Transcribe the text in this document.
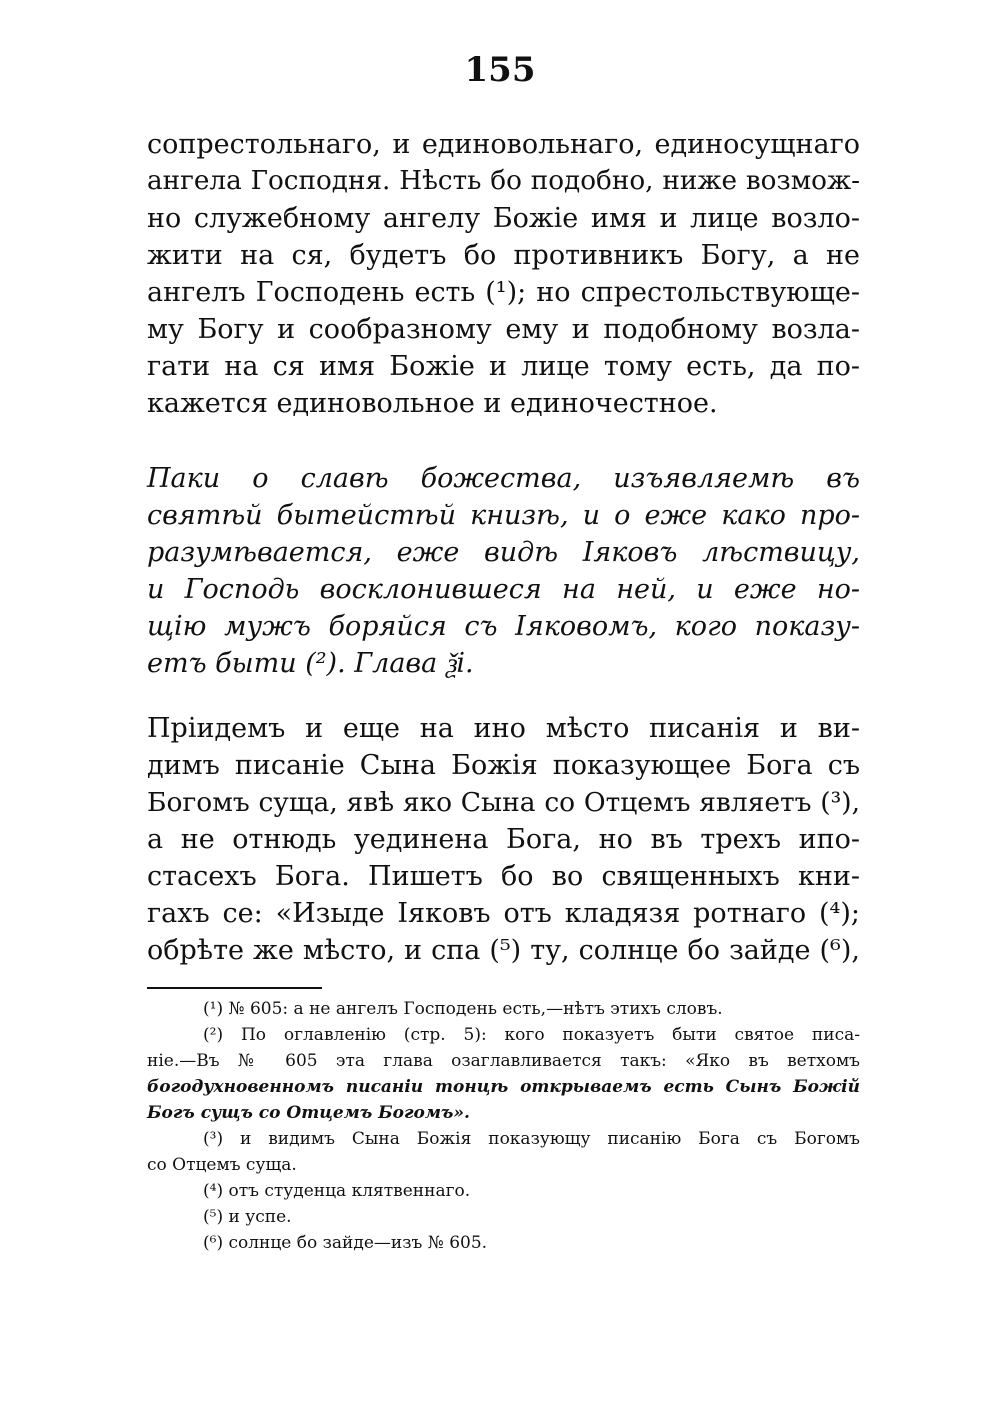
155
сопрестольнаго, и единовольнаго, единосущнаго
ангела Господня. Нѣсть бо подобно, ниже возмож-
но служебному ангелу Божіе имя и лице возло-
жити на ся, будетъ бо противникъ Богу, а не
ангелъ Господень есть (¹); но спрестольствующе-
му Богу и сообразному ему и подобному возла-
гати на ся имя Божіе и лице тому есть, да по-
кажется единовольное и единочестное.
Паки о славѣ божества, изъявляемѣ въ
святѣй бытейстѣй книзѣ, и о еже како про-
разумѣвается, еже видѣ Іяковъ лѣствицу,
и Господь восклонившеся на ней, и еже но-
щію мужъ боряйся съ Іяковомъ, кого показу-
етъ быти (²). Глава ѯі.
Пріидемъ и еще на ино мѣсто писанія и ви-
димъ писаніе Сына Божія показующее Бога съ
Богомъ суща, явѣ яко Сына со Отцемъ являетъ (³),
а не отнюдь уединена Бога, но въ трехъ ипо-
стасехъ Бога. Пишетъ бо во священныхъ кни-
гахъ се: «Изыде Іяковъ отъ кладязя ротнаго (⁴);
обрѣте же мѣсто, и спа (⁵) ту, солнце бо зайде (⁶),
(¹) № 605: а не ангелъ Господень есть,—нѣтъ этихъ словъ.
(²) По оглавленію (стр. 5): кого показуетъ быти святое писа-
ніе.—Въ № 605 эта глава озаглавливается такъ: «Яко въ ветхомъ
богодухновенномъ писаніи тонцѣ открываемъ есть Сынъ Божій
Богъ сущъ со Отцемъ Богомъ».
(³) и видимъ Сына Божія показующу писанію Бога съ Богомъ
со Отцемъ суща.
(⁴) отъ студенца клятвеннаго.
(⁵) и успе.
(⁶) солнце бо зайде—изъ № 605.
